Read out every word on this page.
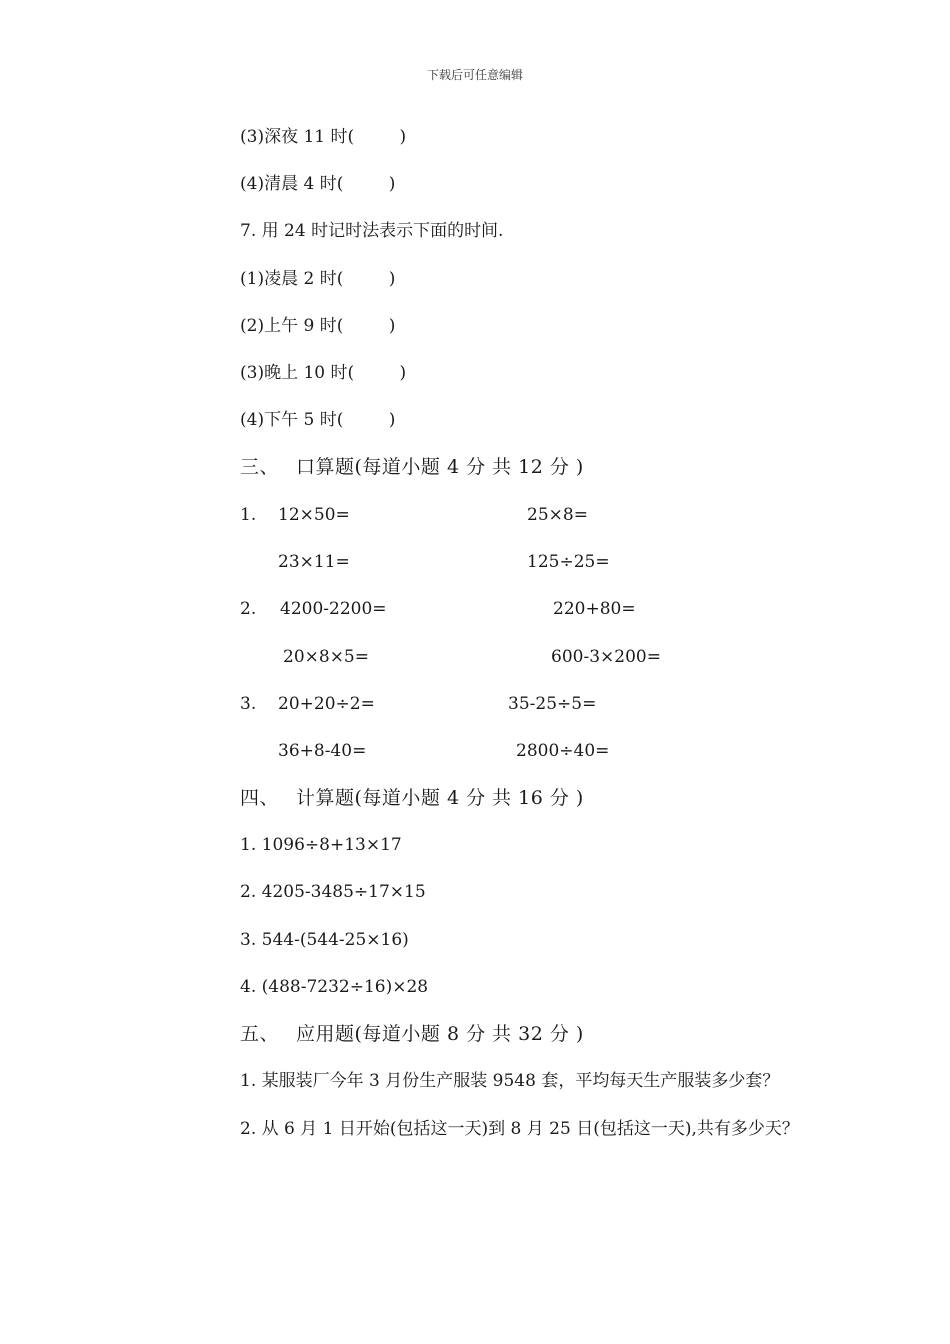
下载后可任意编辑
(3)深夜 11 时(	)
(4)清晨 4 时(	)
7. 用 24 时记时法表示下面的时间.
(1)凌晨 2 时(	)
(2)上午 9 时(	)
(3)晚上 10 时(	)
(4)下午 5 时(	)
三、 口算题(每道小题 4 分 共 12 分 )
1. 12×50=	25×8=
23×11=	125÷25=
2. 4200-2200=	220+80=
20×8×5=	600-3×200=
3. 20+20÷2=	35-25÷5=
36+8-40=	2800÷40=
四、 计算题(每道小题 4 分 共 16 分 )
1. 1096÷8+13×17
2. 4205-3485÷17×15
3. 544-(544-25×16)
4. (488-7232÷16)×28
五、 应用题(每道小题 8 分 共 32 分 )
1. 某服装厂今年 3 月份生产服装 9548 套，平均每天生产服装多少套？
2. 从 6 月 1 日开始(包括这一天)到 8 月 25 日(包括这一天),共有多少天？
